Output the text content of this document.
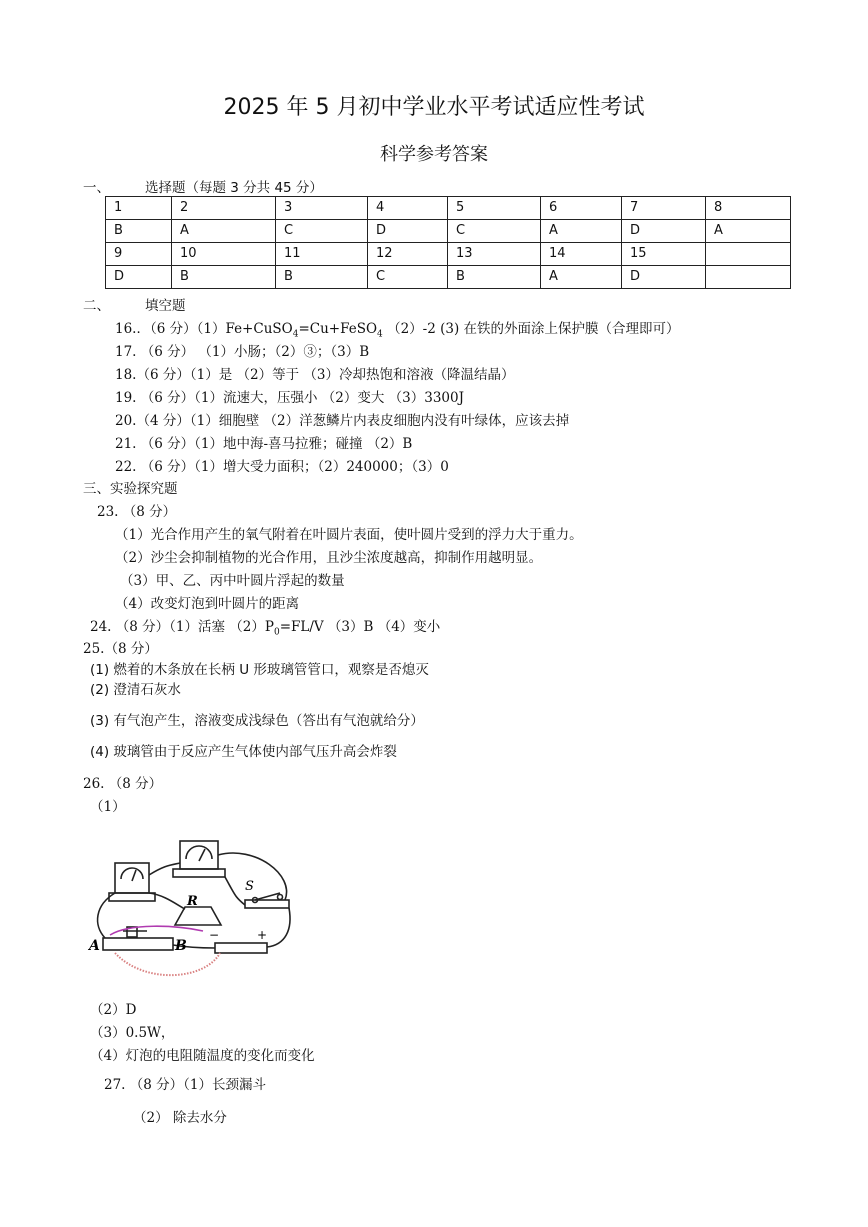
2025 年 5 月初中学业水平考试适应性考试
科学参考答案
一、	选择题（每题 3 分共 45 分）
1	2	3	4	5	6	7	8
B	A	C	D	C	A	D	A
9	10	11	12	13	14	15	
D	B	B	C	B	A	D	
二、	填空题
16.．（6 分）（1）Fe+CuSO$_4$=Cu+FeSO$_4$ （2）-2 (3) 在铁的外面涂上保护膜（合理即可）
17. （6 分） （1）小肠；（2）③；（3）B
18.（6 分）（1）是 （2）等于 （3）冷却热饱和溶液（降温结晶）
19. （6 分）（1）流速大，压强小 （2）变大 （3）3300J
20.（4 分）（1）细胞壁 （2）洋葱鳞片内表皮细胞内没有叶绿体，应该去掉
21. （6 分）（1）地中海-喜马拉雅；碰撞 （2）B
22. （6 分）（1）增大受力面积；（2）240000；（3）0
三、实验探究题
23. （8 分）
（1）光合作用产生的氧气附着在叶圆片表面，使叶圆片受到的浮力大于重力。
（2）沙尘会抑制植物的光合作用，且沙尘浓度越高，抑制作用越明显。
（3）甲、乙、丙中叶圆片浮起的数量
（4）改变灯泡到叶圆片的距离
24. （8 分）（1）活塞 $(2)P_0=FL/V$ （3）B （4）变小
25.（8 分）
(1) 燃着的木条放在长柄 U 形玻璃管管口，观察是否熄灭
(2) 澄清石灰水
(3) 有气泡产生，溶液变成浅绿色（答出有气泡就给分）
(4) 玻璃管由于反应产生气体使内部气压升高会炸裂
26. （8 分）
（1）
S
R
A	B
−	+
（2）D
（3）0.5W，
（4）灯泡的电阻随温度的变化而变化
27. （8 分）（1）长颈漏斗
（2） 除去水分
